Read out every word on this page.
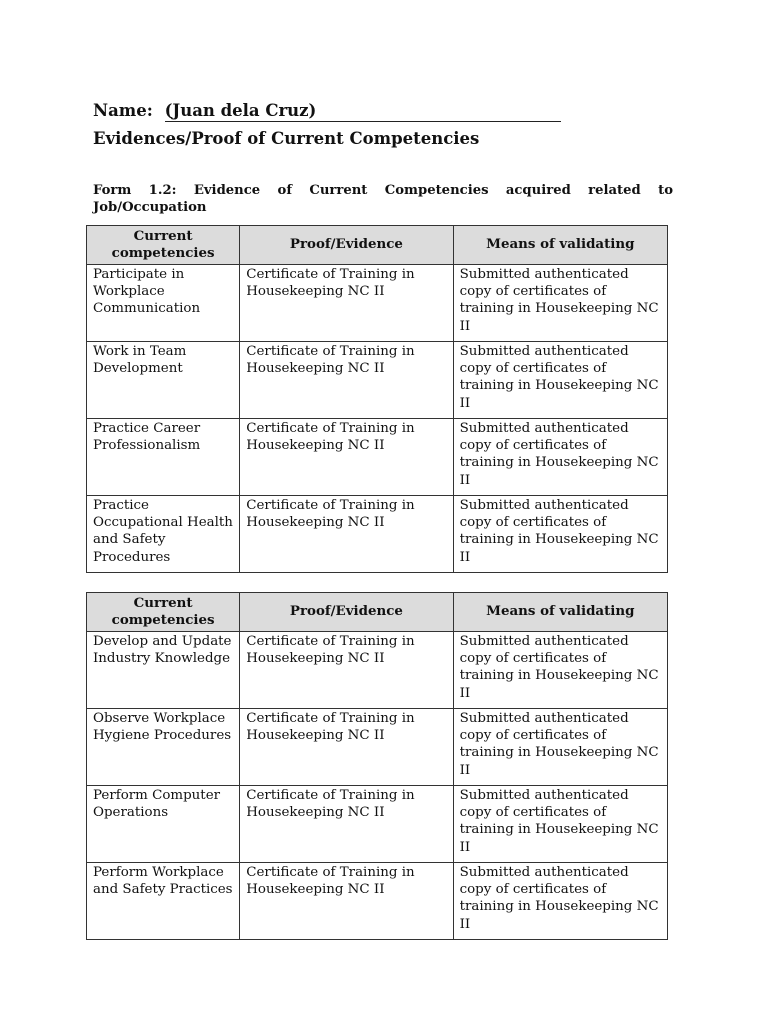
Name: (Juan dela Cruz)
Evidences/Proof of Current Competencies
Form 1.2: Evidence of Current Competencies acquired related to Job/Occupation
Current competencies	Proof/Evidence	Means of validating
Participate in Workplace Communication	Certificate of Training in Housekeeping NC II	Submitted authenticated copy of certificates of training in Housekeeping NC II
Work in Team Development	Certificate of Training in Housekeeping NC II	Submitted authenticated copy of certificates of training in Housekeeping NC II
Practice Career Professionalism	Certificate of Training in Housekeeping NC II	Submitted authenticated copy of certificates of training in Housekeeping NC II
Practice Occupational Health and Safety Procedures	Certificate of Training in Housekeeping NC II	Submitted authenticated copy of certificates of training in Housekeeping NC II
Current competencies	Proof/Evidence	Means of validating
Develop and Update Industry Knowledge	Certificate of Training in Housekeeping NC II	Submitted authenticated copy of certificates of training in Housekeeping NC II
Observe Workplace Hygiene Procedures	Certificate of Training in Housekeeping NC II	Submitted authenticated copy of certificates of training in Housekeeping NC II
Perform Computer Operations	Certificate of Training in Housekeeping NC II	Submitted authenticated copy of certificates of training in Housekeeping NC II
Perform Workplace and Safety Practices	Certificate of Training in Housekeeping NC II	Submitted authenticated copy of certificates of training in Housekeeping NC II
